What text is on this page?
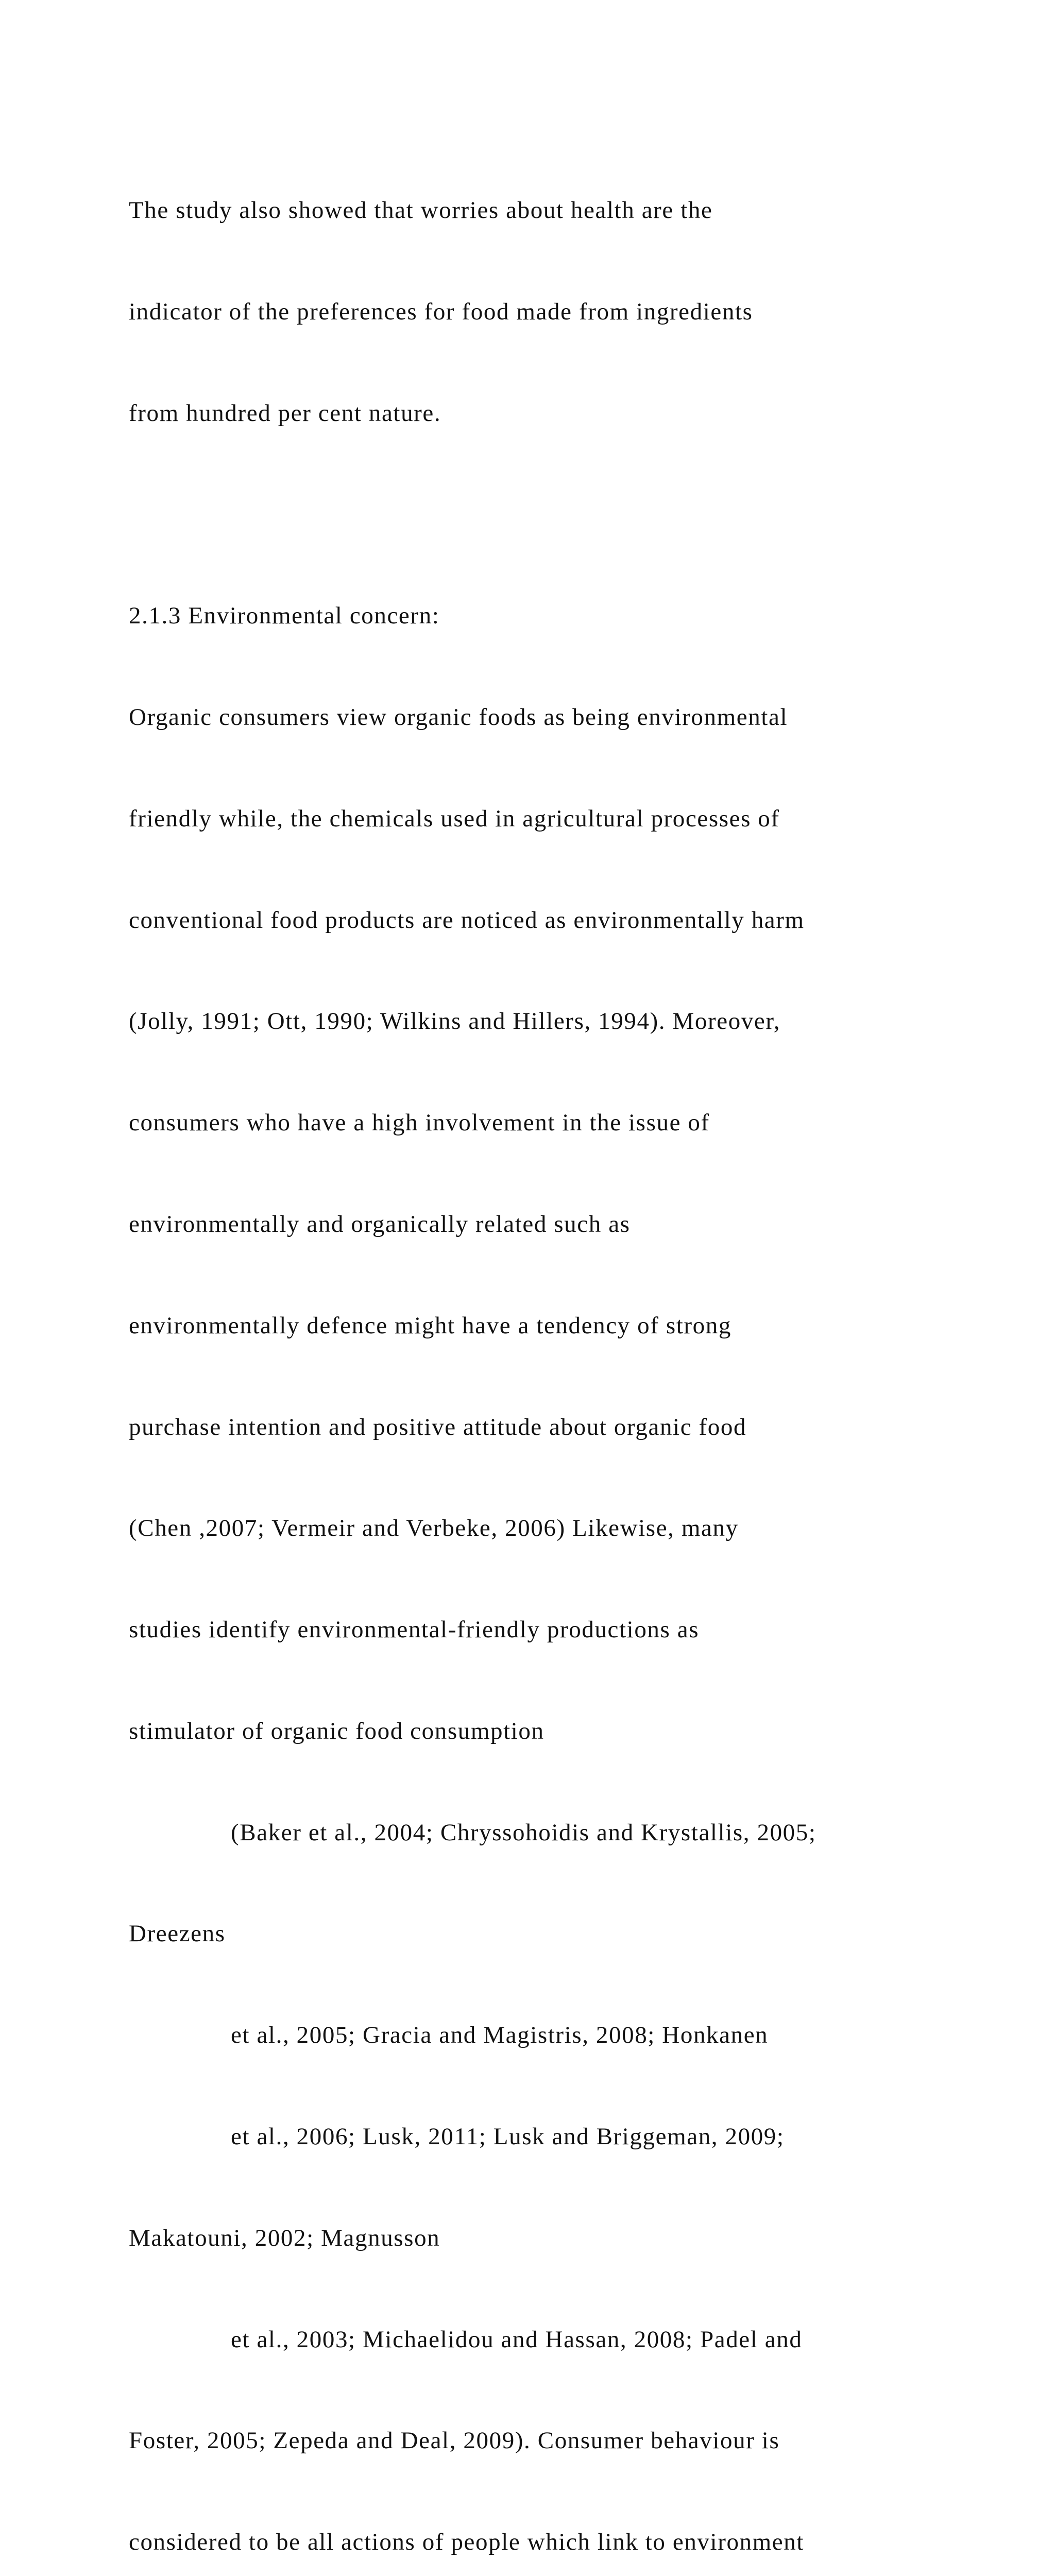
The study also showed that worries about health are the

indicator of the preferences for food made from ingredients

from hundred per cent nature.

2.1.3 Environmental concern:

Organic consumers view organic foods as being environmental

friendly while, the chemicals used in agricultural processes of

conventional food products are noticed as environmentally harm

(Jolly, 1991; Ott, 1990; Wilkins and Hillers, 1994). Moreover,

consumers who have a high involvement in the issue of

environmentally and organically related such as

environmentally defence might have a tendency of strong

purchase intention and positive attitude about organic food

(Chen ,2007; Vermeir and Verbeke, 2006) Likewise, many

studies identify environmental-friendly productions as

stimulator of organic food consumption

(Baker et al., 2004; Chryssohoidis and Krystallis, 2005;

Dreezens

et al., 2005; Gracia and Magistris, 2008; Honkanen

et al., 2006; Lusk, 2011; Lusk and Briggeman, 2009;

Makatouni, 2002; Magnusson

et al., 2003; Michaelidou and Hassan, 2008; Padel and

Foster, 2005; Zepeda and Deal, 2009). Consumer behaviour is

considered to be all actions of people which link to environment
